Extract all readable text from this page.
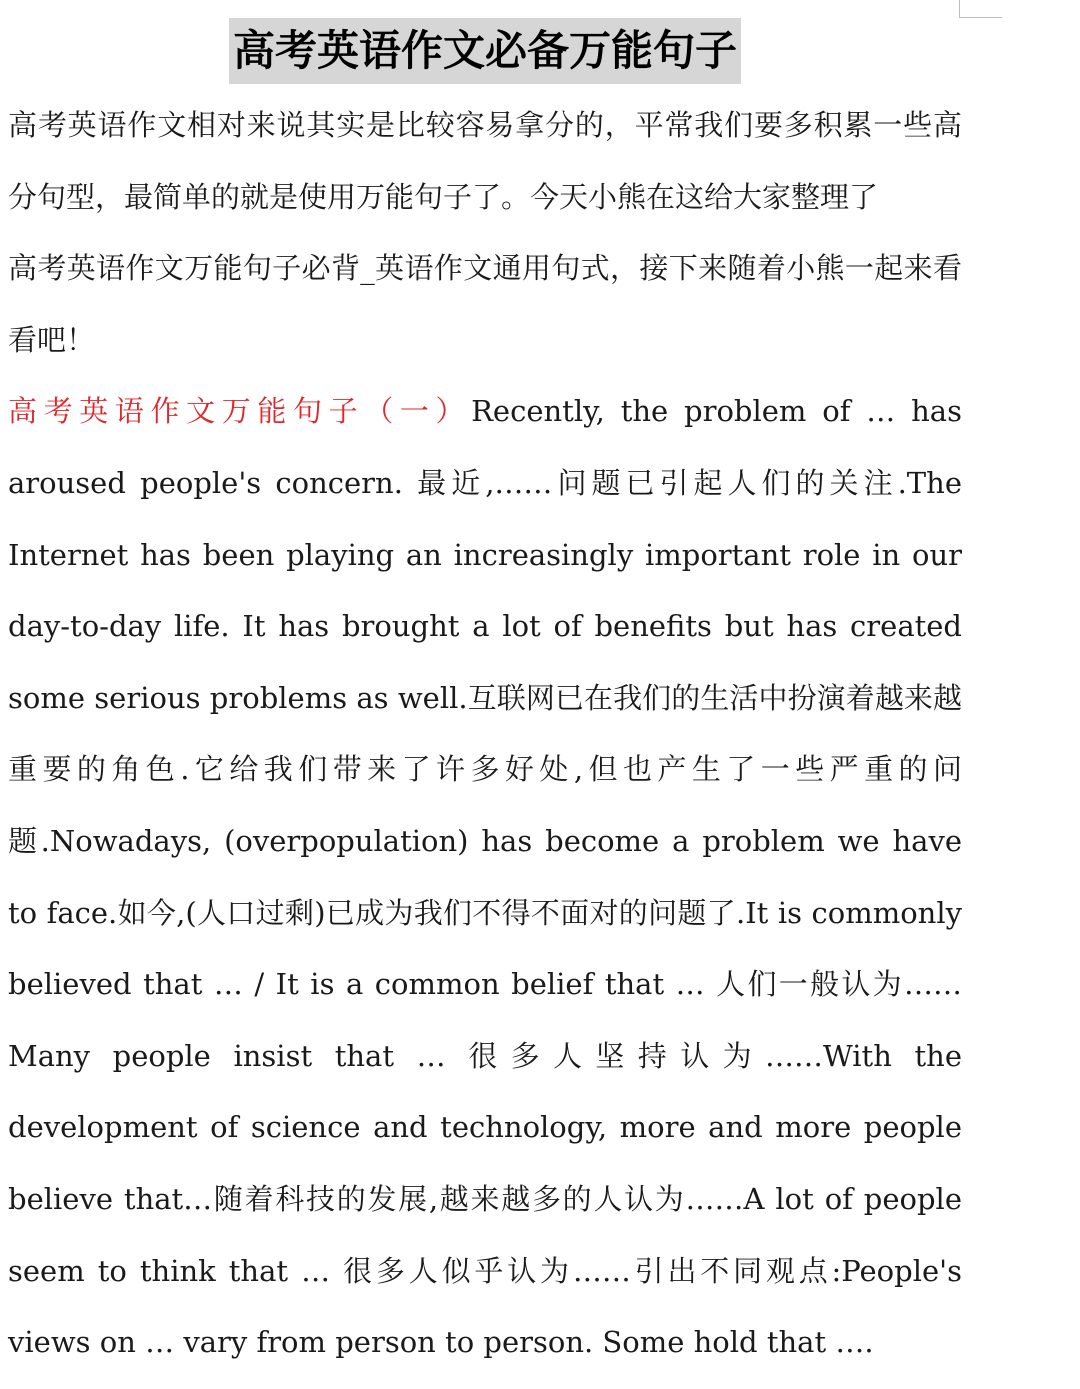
高考英语作文必备万能句子

高考英语作文相对来说其实是比较容易拿分的，平常我们要多积累一些高分句型，最简单的就是使用万能句子了。今天小熊在这给大家整理了

高考英语作文万能句子必背_英语作文通用句式，接下来随着小熊一起来看看吧！

高考英语作文万能句子（一）Recently, the problem of … has aroused people's concern. 最近,……问题已引起人们的关注.The Internet has been playing an increasingly important role in our day-to-day life. It has brought a lot of benefits but has created some serious problems as well.互联网已在我们的生活中扮演着越来越重要的角色.它给我们带来了许多好处,但也产生了一些严重的问题.Nowadays, (overpopulation) has become a problem we have to face.如今,(人口过剩)已成为我们不得不面对的问题了.It is commonly believed that … / It is a common belief that … 人们一般认为……Many people insist that … 很多人坚持认为……With the development of science and technology, more and more people believe that…随着科技的发展,越来越多的人认为……A lot of people seem to think that … 很多人似乎认为……引出不同观点:People's views on … vary from person to person. Some hold that ….
